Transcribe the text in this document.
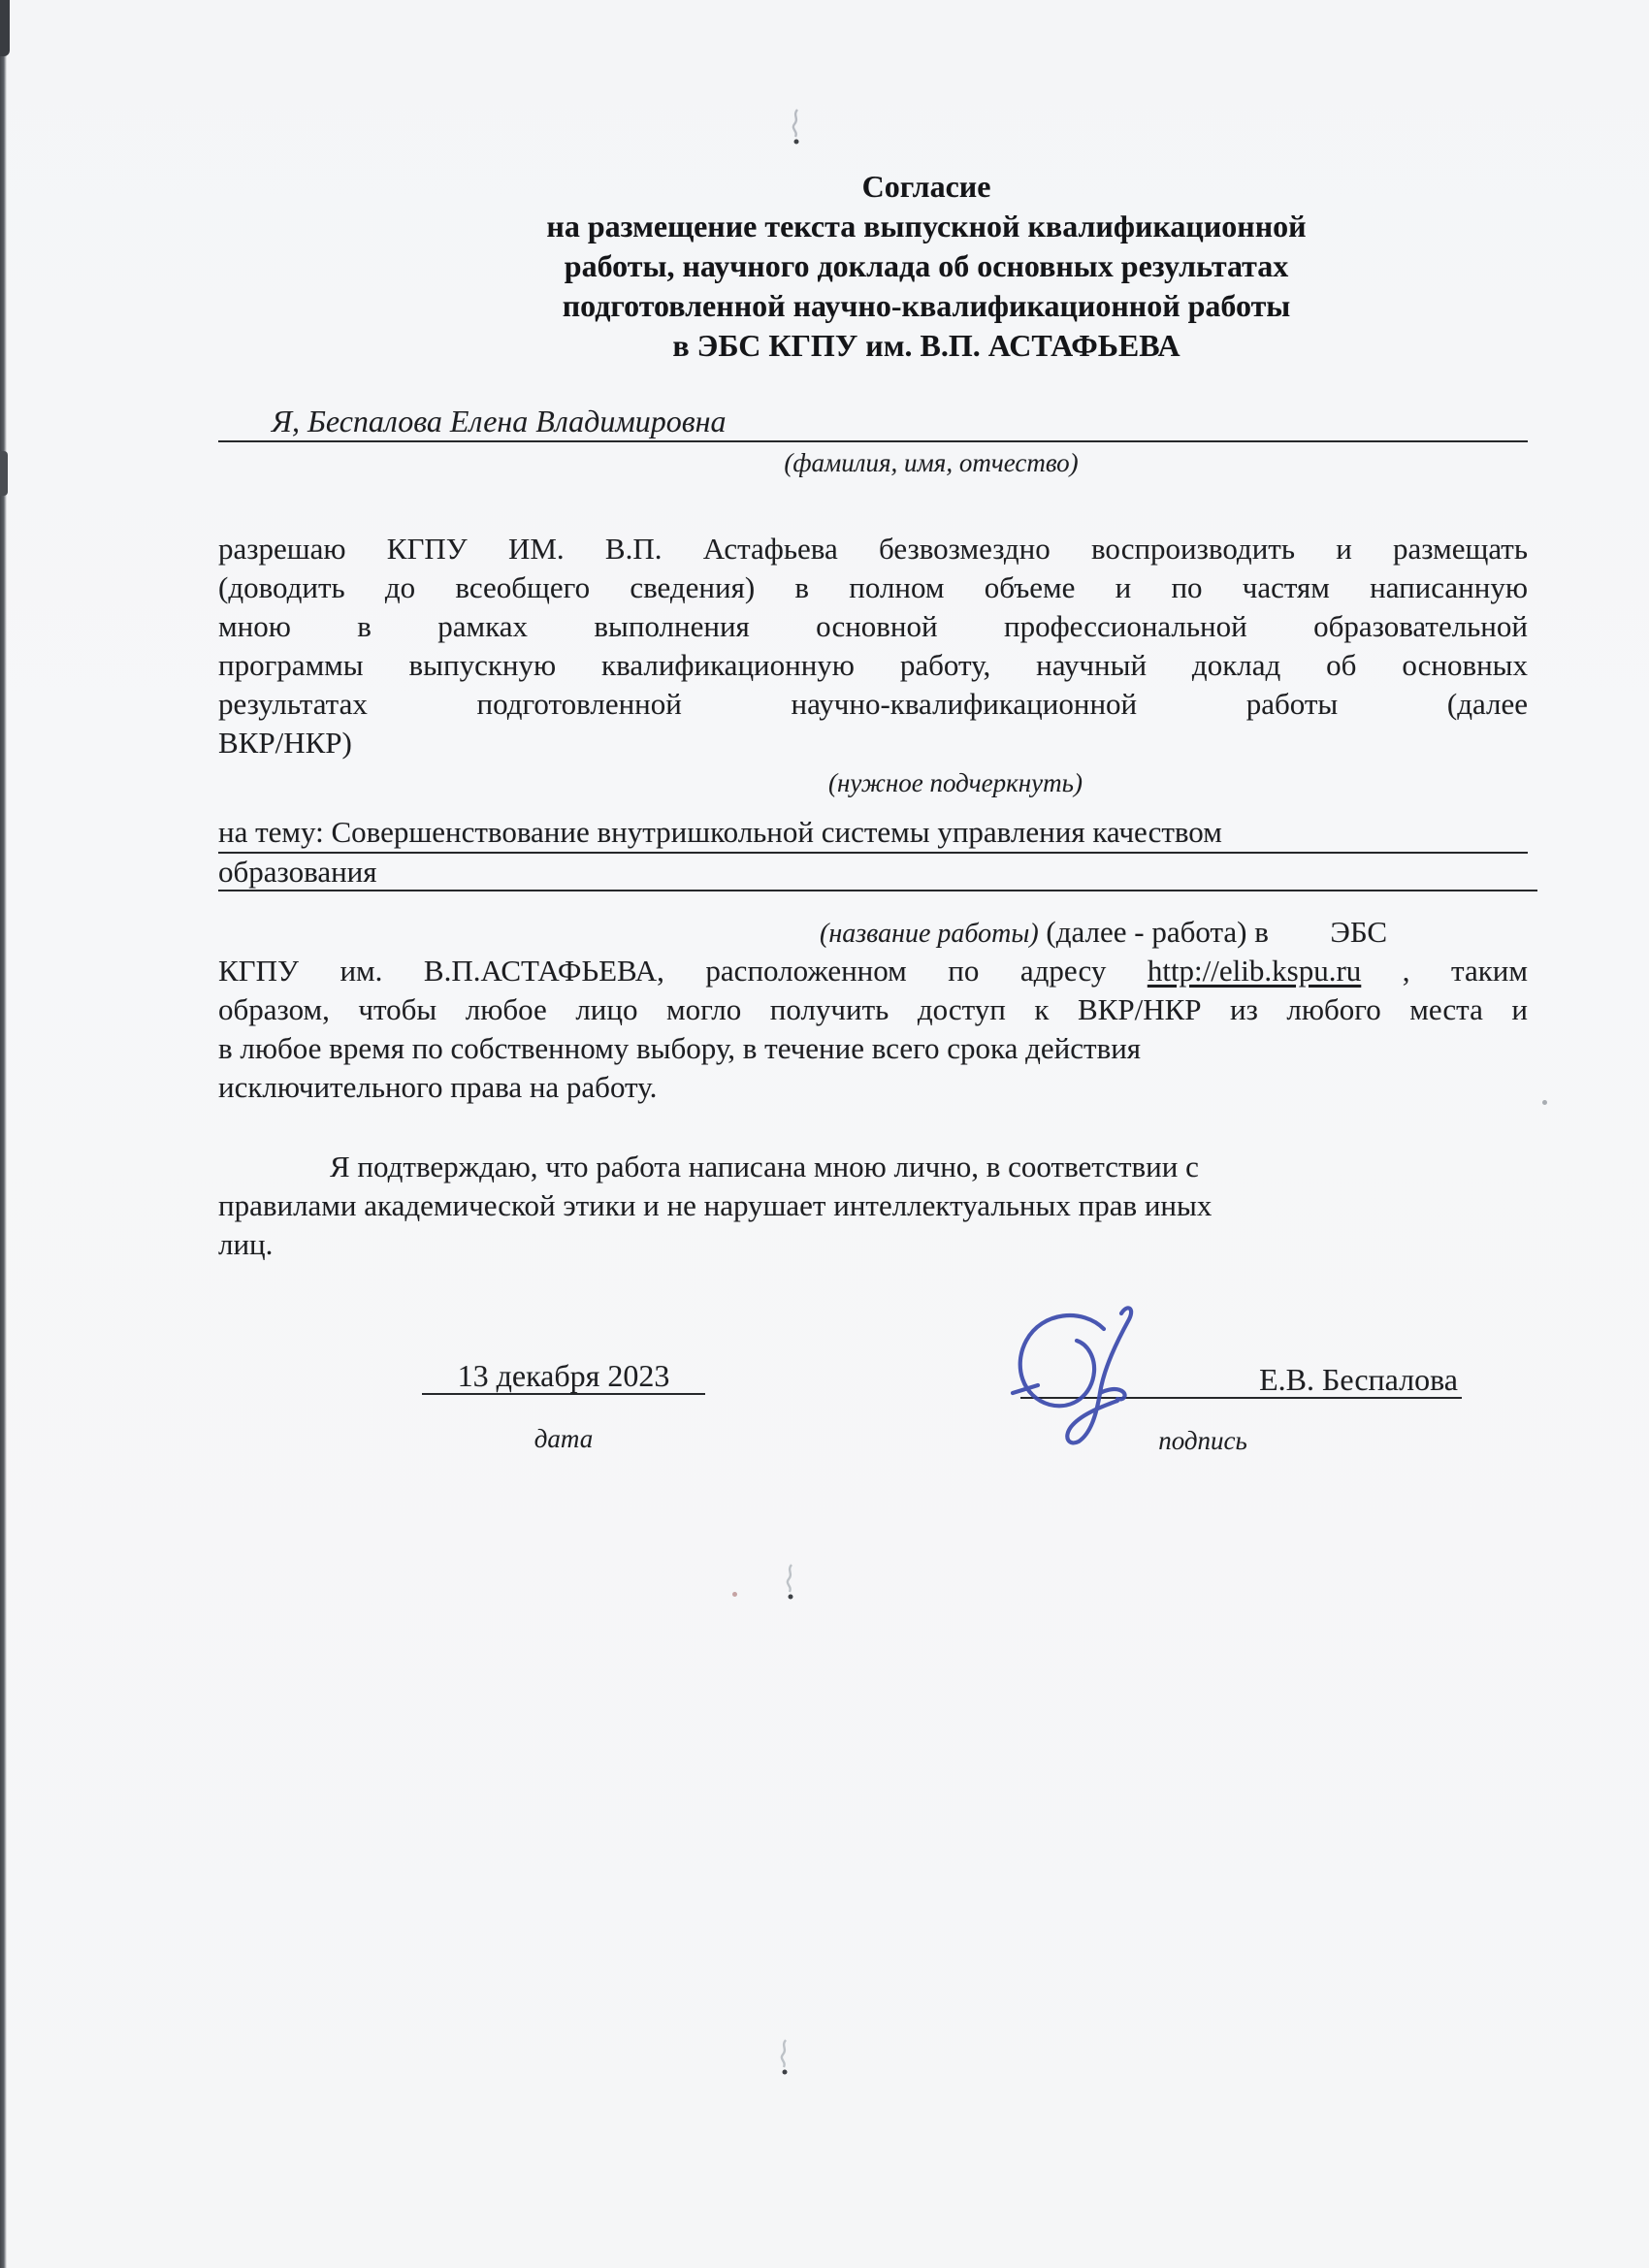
Согласие
на размещение текста выпускной квалификационной
работы, научного доклада об основных результатах
подготовленной научно-квалификационной работы
в ЭБС КГПУ им. В.П. АСТАФЬЕВА
Я, Беспалова Елена Владимировна
(фамилия, имя, отчество)
разрешаю КГПУ ИМ. В.П. Астафьева безвозмездно воспроизводить и размещать
(доводить до всеобщего сведения) в полном объеме и по частям написанную
мною в рамках выполнения основной профессиональной образовательной
программы выпускную квалификационную работу, научный доклад об основных
результатах подготовленной научно-квалификационной работы (далее
ВКР/НКР)
(нужное подчеркнуть)
на тему: Совершенствование внутришкольной системы управления качеством
образования
(название работы) (далее - работа) в ЭБС
КГПУ им. В.П.АСТАФЬЕВА, расположенном по адресу http://elib.kspu.ru , таким
образом, чтобы любое лицо могло получить доступ к ВКР/НКР из любого места и
в любое время по собственному выбору, в течение всего срока действия
исключительного права на работу.
Я подтверждаю, что работа написана мною лично, в соответствии с
правилами академической этики и не нарушает интеллектуальных прав иных
лиц.
13 декабря 2023
дата
Е.В. Беспалова
подпись
